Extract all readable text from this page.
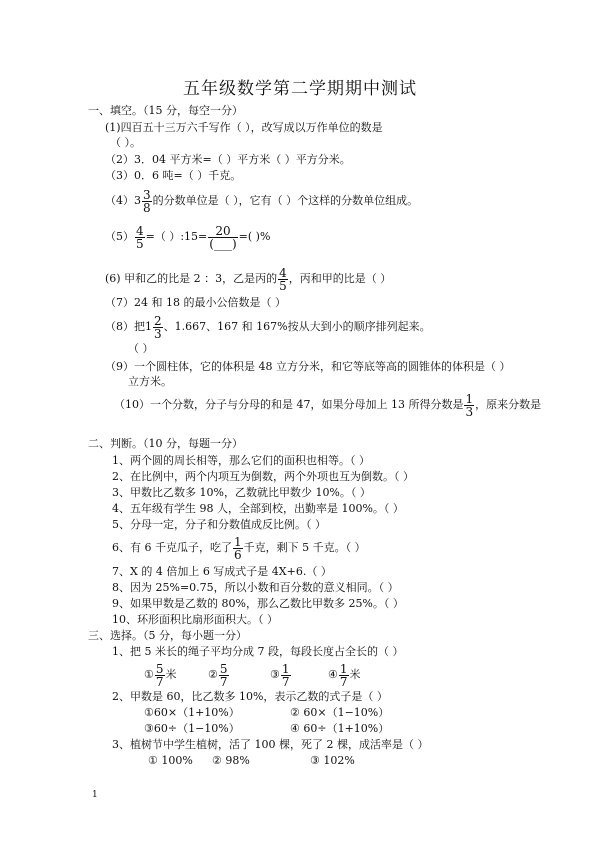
五年级数学第二学期期中测试
一、填空。（15 分，每空一分）
(1)四百五十三万六千写作（ ），改写成以万作单位的数是
（ ）。
（2）3．04 平方米=（ ）平方米（ ）平方分米。
（3）0．6 吨=（ ）千克。
$(4)3 \frac{3}{8}$ 的分数单位是（ ），它有（ ）个这样的分数单位组成。
$(5) \frac{4}{5}$ =（ ）:15= $\frac{20}{(\_\_\_)}$ =( )%
(6) 甲和乙的比是 2 ：3，乙是丙的 $\frac{4}{5}$ ，丙和甲的比是（ ）
（7）24 和 18 的最小公倍数是（ ）
（8）把$1 \frac{2}{3}$ 、1.667、167 和 167%按从大到小的顺序排列起来。
（ ）
（9）一个圆柱体，它的体积是 48 立方分米，和它等底等高的圆锥体的体积是（ ）
立方米。
（10）一个分数，分子与分母的和是 47，如果分母加上 13 所得分数是 $\frac{1}{3}$ ，原来分数是
二、判断。（10 分，每题一分）
1、两个圆的周长相等，那么它们的面积也相等。（ ）
2、在比例中，两个内项互为倒数，两个外项也互为倒数。（ ）
3、甲数比乙数多 10%，乙数就比甲数少 10%。（ ）
4、五年级有学生 98 人，全部到校，出勤率是 100%。（ ）
5、分母一定，分子和分数值成反比例。（ ）
6、有 6 千克瓜子，吃了 $\frac{1}{6}$ 千克，剩下 5 千克。（ ）
7、X 的 4 倍加上 6 写成式子是 4X+6.（ ）
8、因为 25%=0.75，所以小数和百分数的意义相同。（ ）
9、如果甲数是乙数的 80%，那么乙数比甲数多 25%。（ ）
10、环形面积比扇形面积大。（ ）
三、选择。（5 分，每小题一分）
1、把 5 米长的绳子平均分成 7 段，每段长度占全长的（ ）
① $\frac{5}{7}$ 米	② $\frac{5}{7}$	③ $\frac{1}{7}$	④ $\frac{1}{7}$ 米
2、甲数是 60，比乙数多 10%，表示乙数的式子是（ ）
①60×（1+10%）	② 60×（1−10%）
③60÷（1−10%）	④ 60÷（1+10%）
3、植树节中学生植树，活了 100 棵，死了 2 棵，成活率是（ ）
① 100% ② 98%	③ 102%
1
